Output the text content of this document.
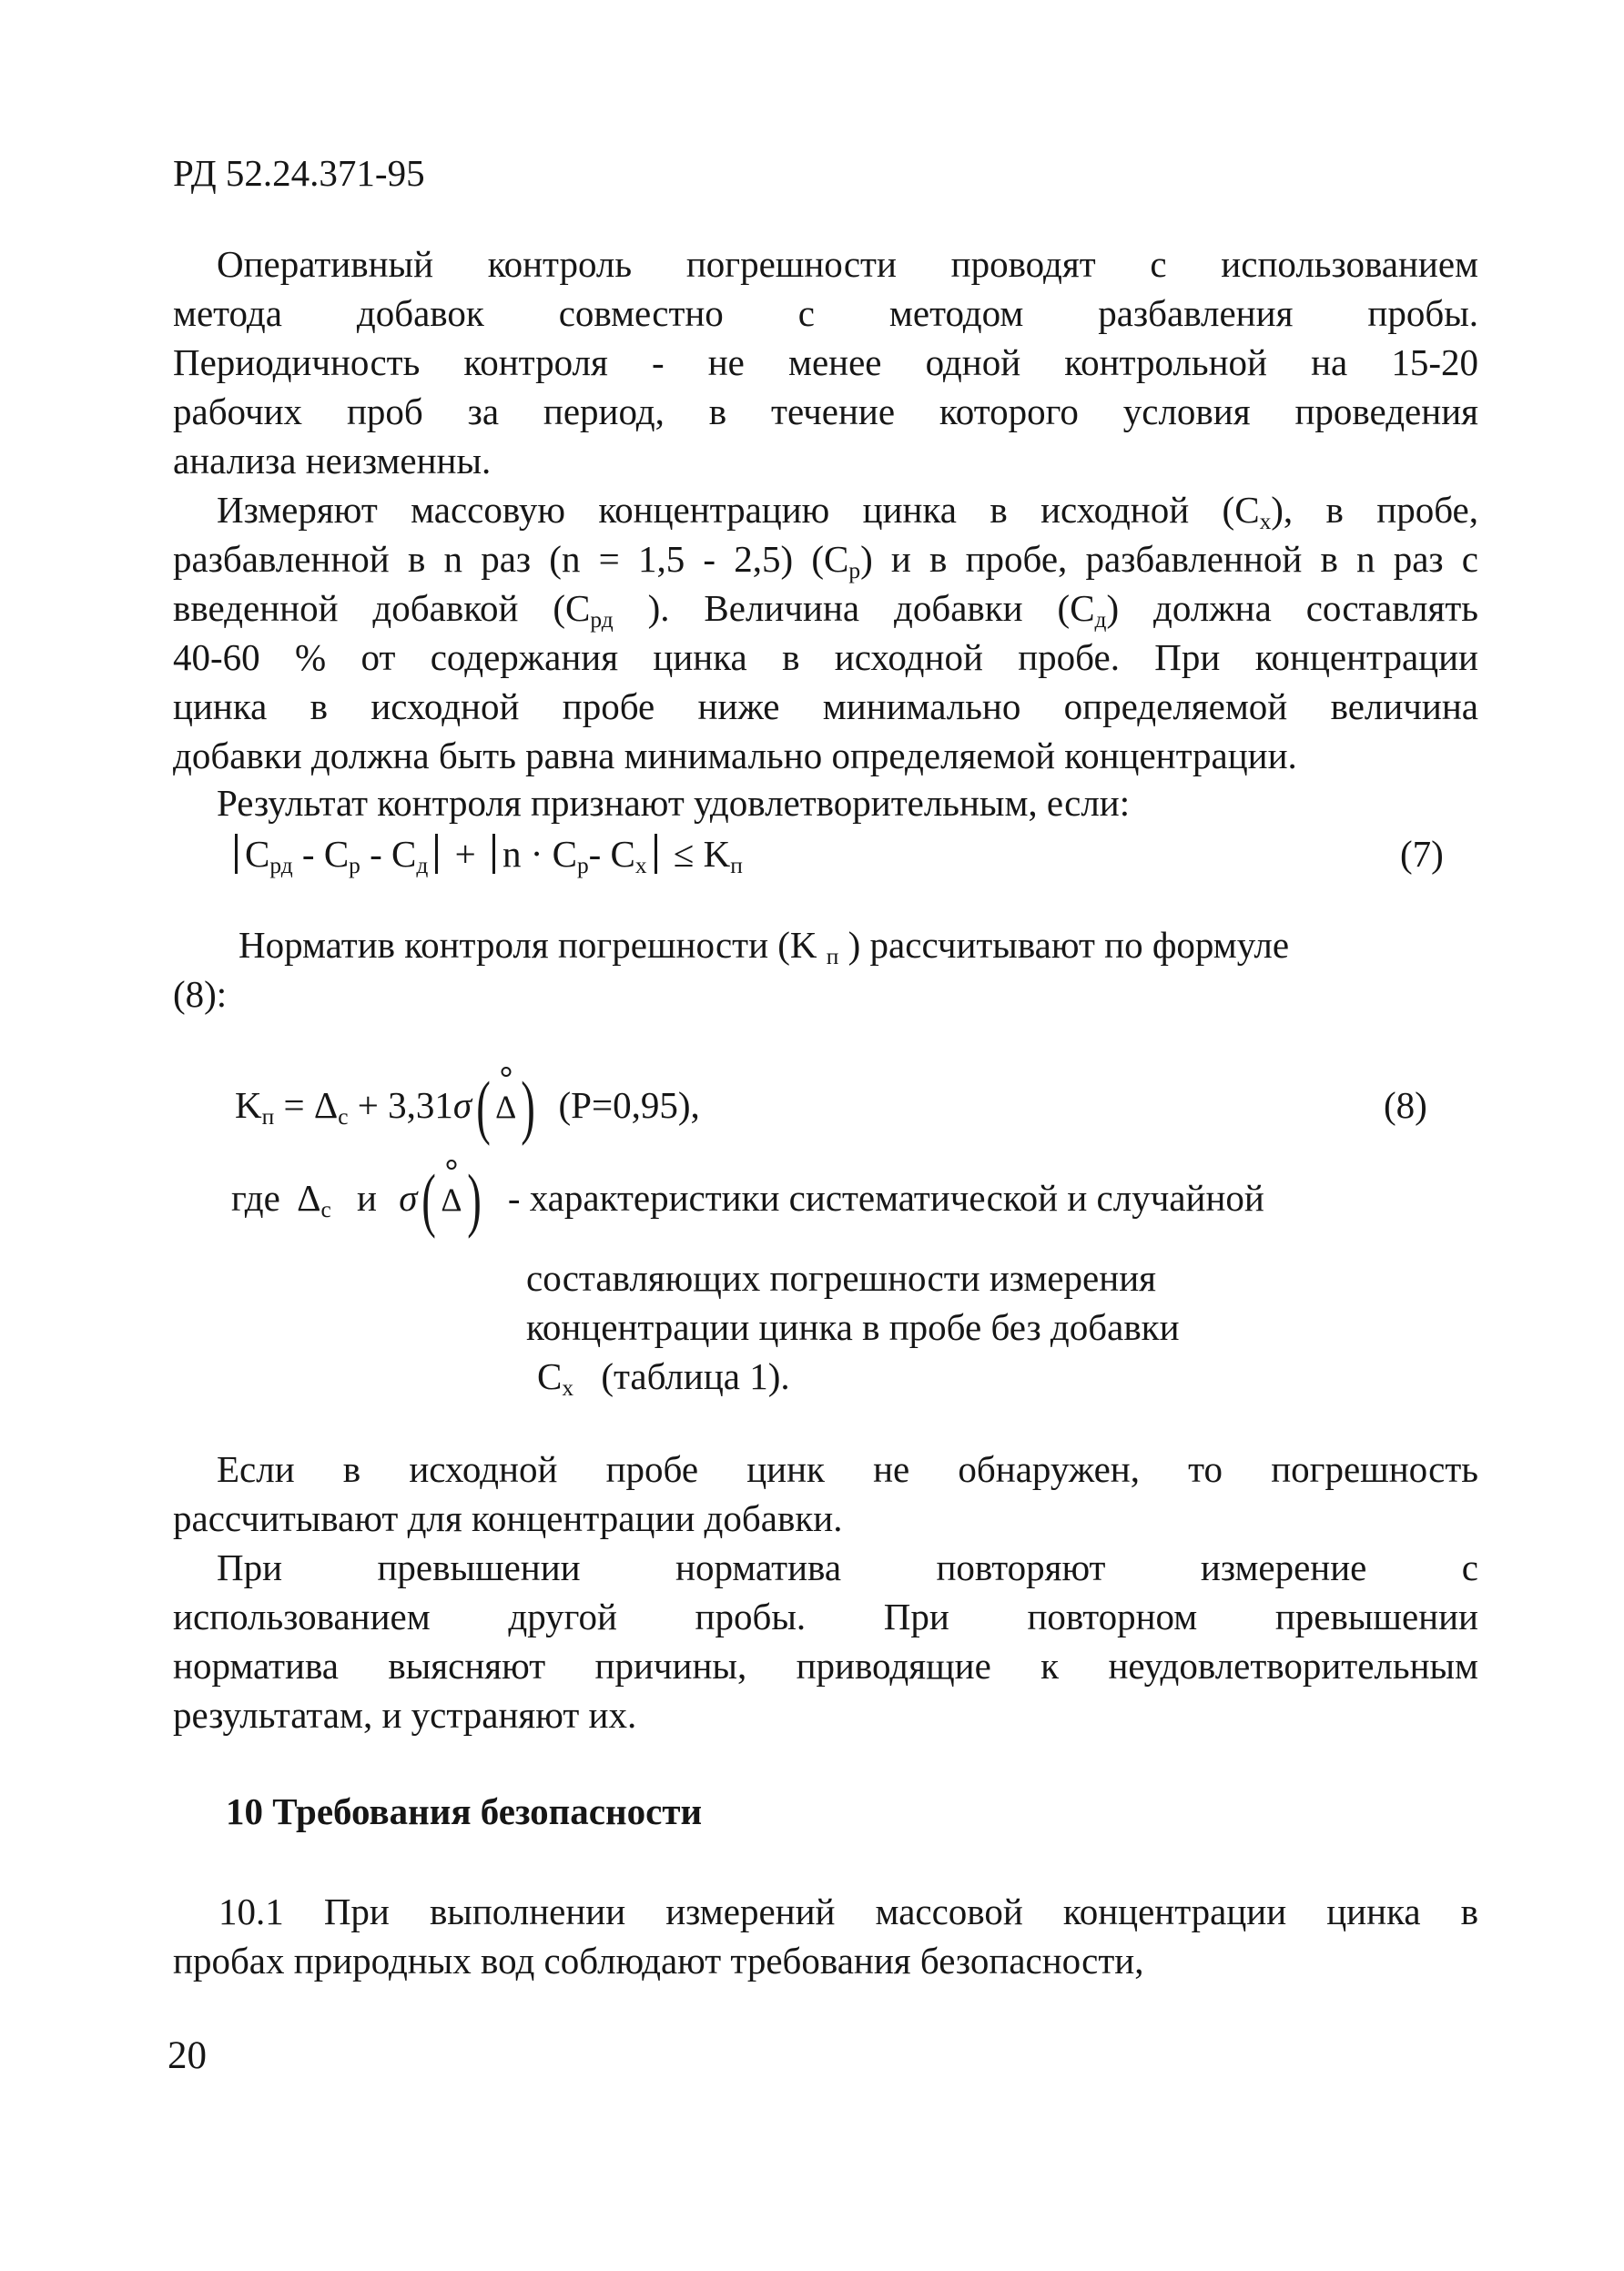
РД 52.24.371-95
Оперативный контроль погрешности проводят с использованием
метода добавок совместно с методом разбавления пробы.
Периодичность контроля - не менее одной контрольной на 15-20
рабочих проб за период, в течение которого условия проведения
анализа неизменны.
Измеряют массовую концентрацию цинка в исходной $(C_x)$, в пробе,
разбавленной в n раз (n = 1,5 - 2,5) $(C_p)$ и в пробе, разбавленной в n раз с
введенной добавкой ($C_{рд}$ ). Величина добавки $(C_д)$ должна составлять
40-60 % от содержания цинка в исходной пробе. При концентрации
цинка в исходной пробе ниже минимально определяемой величина
добавки должна быть равна минимально определяемой концентрации.
Результат контроля признают удовлетворительным, если:
$C_{рд} - C_р - C_д + n \cdot C_р-$ $C_x \le K_п$	(7)
Норматив контроля погрешности (K $_п$ ) рассчитывают по формуле
(8):
$K_п = \Delta_c + 3,31\sigma$( Δ) (P=0,95),	(8)
где $\Delta_c$ и σ( Δ) - характеристики систематической и случайной
составляющих погрешности измерения
концентрации цинка в пробе без добавки
$C_x$ (таблица 1).
Если в исходной пробе цинк не обнаружен, то погрешность
рассчитывают для концентрации добавки.
При превышении норматива повторяют измерение с
использованием другой пробы. При повторном превышении
норматива выясняют причины, приводящие к неудовлетворительным
результатам, и устраняют их.
10 Требования безопасности
10.1 При выполнении измерений массовой концентрации цинка в
пробах природных вод соблюдают требования безопасности,
20
